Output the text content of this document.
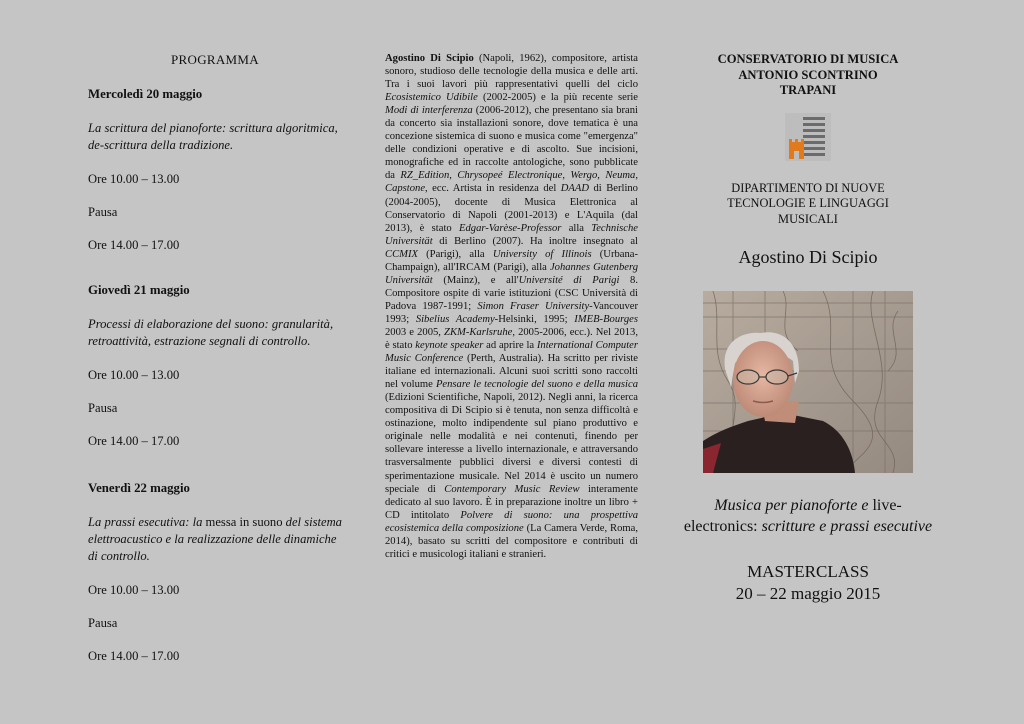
PROGRAMMA
Mercoledì 20 maggio
La scrittura del pianoforte: scrittura algoritmica, de-scrittura della tradizione.
Ore 10.00 – 13.00
Pausa
Ore 14.00 – 17.00
Giovedì 21 maggio
Processi di elaborazione del suono: granularità, retroattività, estrazione segnali di controllo.
Ore 10.00 – 13.00
Pausa
Ore 14.00 – 17.00
Venerdì 22 maggio
La prassi esecutiva: la messa in suono del sistema elettroacustico e la realizzazione delle dinamiche di controllo.
Ore 10.00 – 13.00
Pausa
Ore 14.00 – 17.00
Agostino Di Scipio (Napoli, 1962), compositore, artista sonoro, studioso delle tecnologie della musica e delle arti. Tra i suoi lavori più rappresentativi quelli del ciclo Ecosistemico Udibile (2002-2005) e la più recente serie Modi di interferenza (2006-2012), che presentano sia brani da concerto sia installazioni sonore, dove tematica è una concezione sistemica di suono e musica come "emergenza" delle condizioni operative e di ascolto. Sue incisioni, monografiche ed in raccolte antologiche, sono pubblicate da RZ_Edition, Chrysopeé Electronique, Wergo, Neuma, Capstone, ecc. Artista in residenza del DAAD di Berlino (2004-2005), docente di Musica Elettronica al Conservatorio di Napoli (2001-2013) e L'Aquila (dal 2013), è stato Edgar-Varèse-Professor alla Technische Universität di Berlino (2007). Ha inoltre insegnato al CCMIX (Parigi), alla University of Illinois (Urbana-Champaign), all'IRCAM (Parigi), alla Johannes Gutenberg Universität (Mainz), e all'Université di Parigi 8. Compositore ospite di varie istituzioni (CSC Università di Padova 1987-1991; Simon Fraser University-Vancouver 1993; Sibelius Academy-Helsinki, 1995; IMEB-Bourges 2003 e 2005, ZKM-Karlsruhe, 2005-2006, ecc.). Nel 2013, è stato keynote speaker ad aprire la International Computer Music Conference (Perth, Australia). Ha scritto per riviste italiane ed internazionali. Alcuni suoi scritti sono raccolti nel volume Pensare le tecnologie del suono e della musica (Edizioni Scientifiche, Napoli, 2012). Negli anni, la ricerca compositiva di Di Scipio si è tenuta, non senza difficoltà e ostinazione, molto indipendente sul piano produttivo e originale nelle modalità e nei contenuti, finendo per sollevare interesse a livello internazionale, e attraversando trasversalmente pubblici diversi e diversi contesti di sperimentazione musicale. Nel 2014 è uscito un numero speciale di Contemporary Music Review interamente dedicato al suo lavoro. È in preparazione inoltre un libro + CD intitolato Polvere di suono: una prospettiva ecosistemica della composizione (La Camera Verde, Roma, 2014), basato su scritti del compositore e contributi di critici e musicologi italiani e stranieri.
CONSERVATORIO DI MUSICA
ANTONIO SCONTRINO
TRAPANI
DIPARTIMENTO DI NUOVE
TECNOLOGIE E LINGUAGGI
MUSICALI
Agostino Di Scipio
Musica per pianoforte e live-
electronics: scritture e prassi esecutive
MASTERCLASS
20 – 22 maggio 2015
